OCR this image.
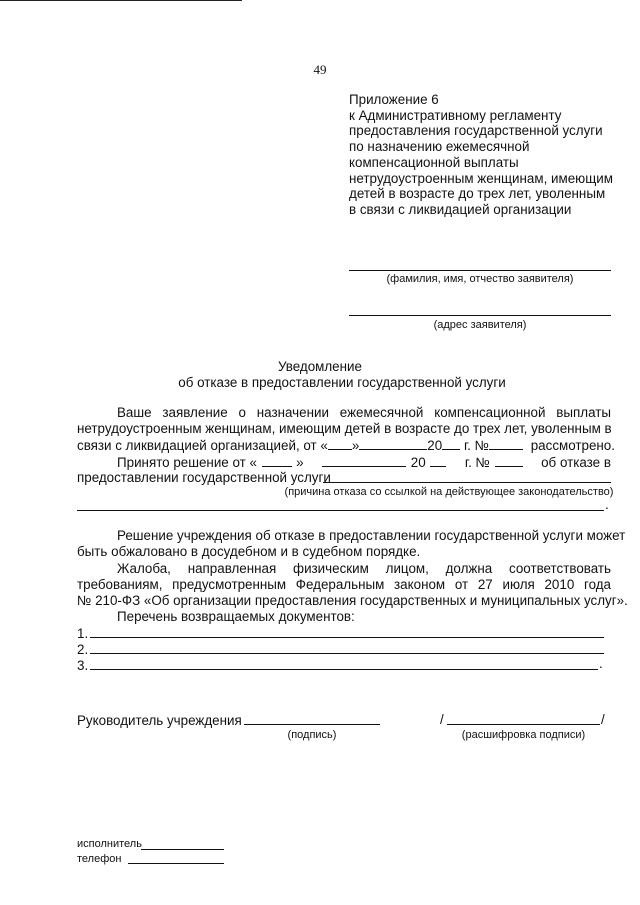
49
Приложение 6
к Административному регламенту
предоставления государственной услуги
по назначению ежемесячной
компенсационной выплаты
нетрудоустроенным женщинам, имеющим
детей в возрасте до трех лет, уволенным
в связи с ликвидацией организации
(фамилия, имя, отчество заявителя)
(адрес заявителя)
Уведомление
об отказе в предоставлении государственной услуги
Ваше заявление о назначении ежемесячной компенсационной выплаты
нетрудоустроенным женщинам, имеющим детей в возрасте до трех лет, уволенным в
связи с ликвидацией организацией, от « »	20 г. №	рассмотрено.
Принято решение от «	»	20	г. №	об отказе в
предоставлении государственной услуги
(причина отказа со ссылкой на действующее законодательство)
.
Решение учреждения об отказе в предоставлении государственной услуги может
быть обжаловано в досудебном и в судебном порядке.
Жалоба, направленная физическим лицом, должна соответствовать
требованиям, предусмотренным Федеральным законом от 27 июля 2010 года
№ 210-ФЗ «Об организации предоставления государственных и муниципальных услуг».
Перечень возвращаемых документов:
1.
2.
3.	.
Руководитель учреждения
(подпись)
/	/
(расшифровка подписи)
исполнитель
телефон
